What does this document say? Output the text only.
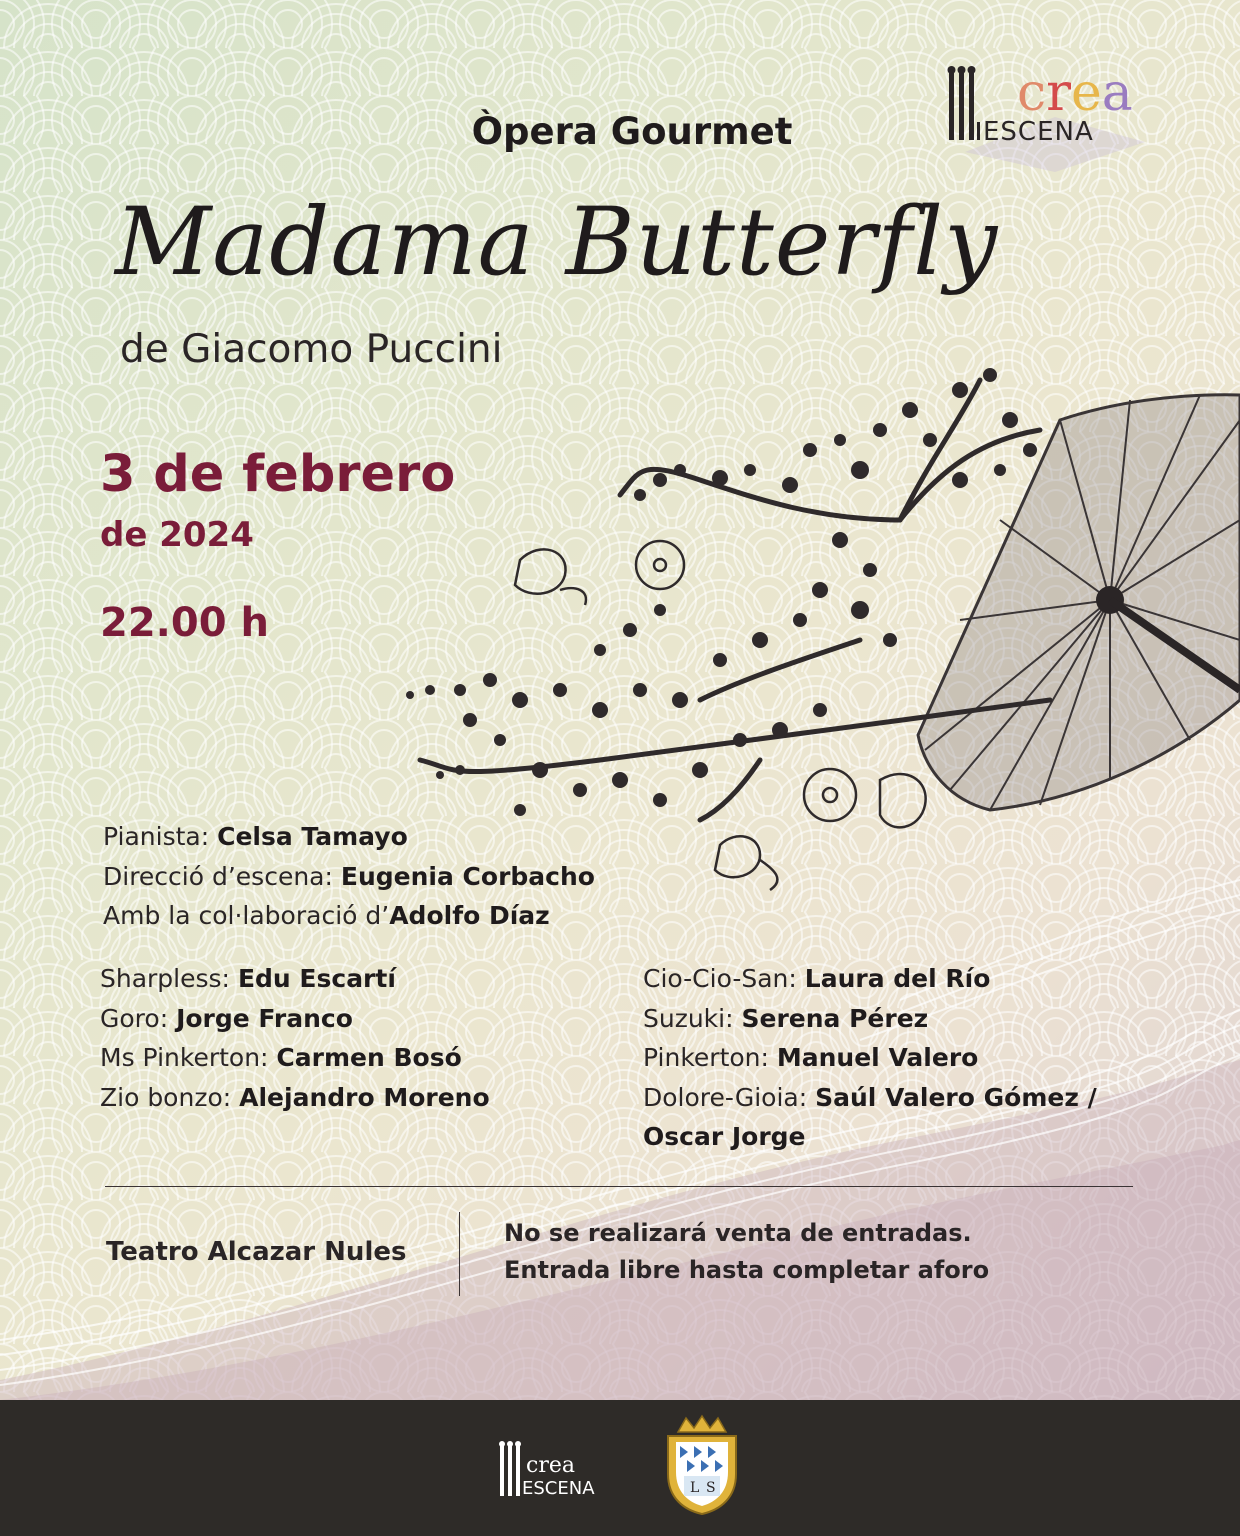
Òpera Gourmet
Madama Butterfly
de Giacomo Puccini
3 de febrero
de 2024
22.00 h
Pianista: Celsa Tamayo
Direcció d’escena: Eugenia Corbacho
Amb la col·laboració d’Adolfo Díaz
Sharpless: Edu Escartí
Goro: Jorge Franco
Ms Pinkerton: Carmen Bosó
Zio bonzo: Alejandro Moreno
Cio-Cio-San: Laura del Río
Suzuki: Serena Pérez
Pinkerton: Manuel Valero
Dolore-Gioia: Saúl Valero Gómez /
Oscar Jorge
Teatro Alcazar Nules
No se realizará venta de entradas.
Entrada libre hasta completar aforo
crea
ESCENA
crea
ESCENA	L S
